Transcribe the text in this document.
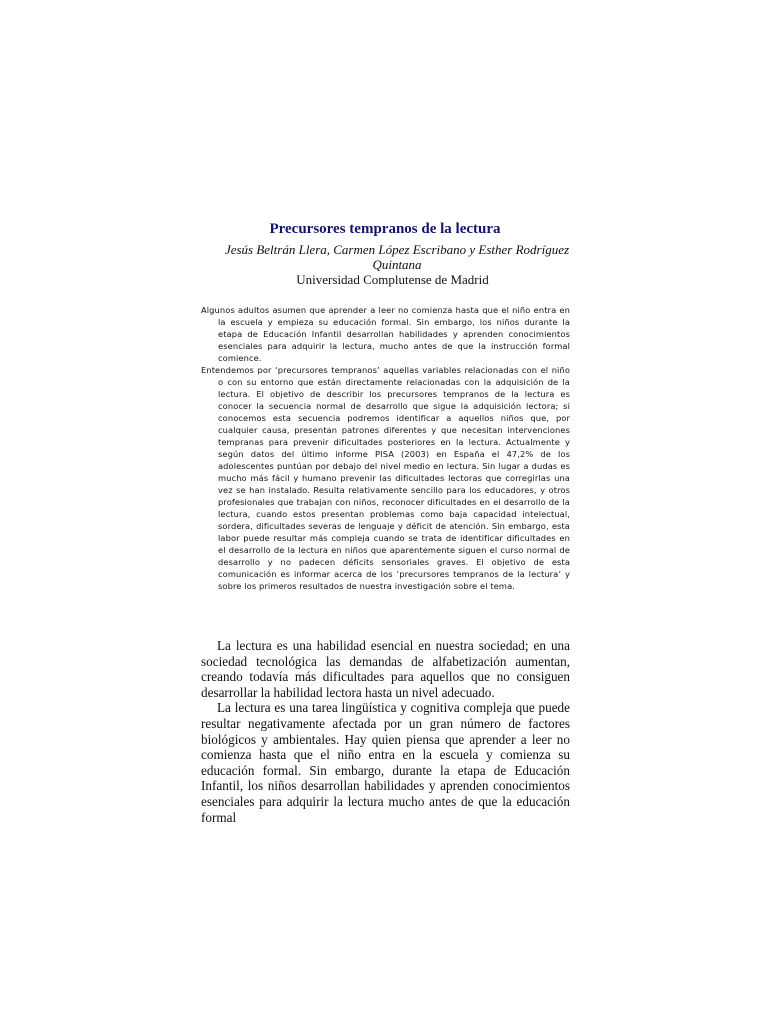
Precursores tempranos de la lectura

Jesús Beltrán Llera, Carmen López Escribano y Esther Rodríguez Quintana

Universidad Complutense de Madrid

Algunos adultos asumen que aprender a leer no comienza hasta que el niño entra en la escuela y empieza su educación formal. Sin embargo, los niños durante la etapa de Educación Infantil desarrollan habilidades y aprenden conocimientos esenciales para adquirir la lectura, mucho antes de que la instrucción formal comience.

Entendemos por ‘precursores tempranos’ aquellas variables relacionadas con el niño o con su entorno que están directamente relacionadas con la adquisición de la lectura. El objetivo de describir los precursores tempranos de la lectura es conocer la secuencia normal de desarrollo que sigue la adquisición lectora; si conocemos esta secuencia podremos identificar a aquellos niños que, por cualquier causa, presentan patrones diferentes y que necesitan intervenciones tempranas para prevenir dificultades posteriores en la lectura. Actualmente y según datos del último informe PISA (2003) en España el 47,2% de los adolescentes puntúan por debajo del nivel medio en lectura. Sin lugar a dudas es mucho más fácil y humano prevenir las dificultades lectoras que corregirlas una vez se han instalado. Resulta relativamente sencillo para los educadores, y otros profesionales que trabajan con niños, reconocer dificultades en el desarrollo de la lectura, cuando estos presentan problemas como baja capacidad intelectual, sordera, dificultades severas de lenguaje y déficit de atención. Sin embargo, esta labor puede resultar más compleja cuando se trata de identificar dificultades en el desarrollo de la lectura en niños que aparentemente siguen el curso normal de desarrollo y no padecen déficits sensoriales graves. El objetivo de esta comunicación es informar acerca de los ‘precursores tempranos de la lectura’ y sobre los primeros resultados de nuestra investigación sobre el tema.

La lectura es una habilidad esencial en nuestra sociedad; en una sociedad tecnológica las demandas de alfabetización aumentan, creando todavía más dificultades para aquellos que no consiguen desarrollar la habilidad lectora hasta un nivel adecuado.

La lectura es una tarea lingüística y cognitiva compleja que puede resultar negativamente afectada por un gran número de factores biológicos y ambientales. Hay quien piensa que aprender a leer no comienza hasta que el niño entra en la escuela y comienza su educación formal. Sin embargo, durante la etapa de Educación Infantil, los niños desarrollan habilidades y aprenden conocimientos esenciales para adquirir la lectura mucho antes de que la educación formal
